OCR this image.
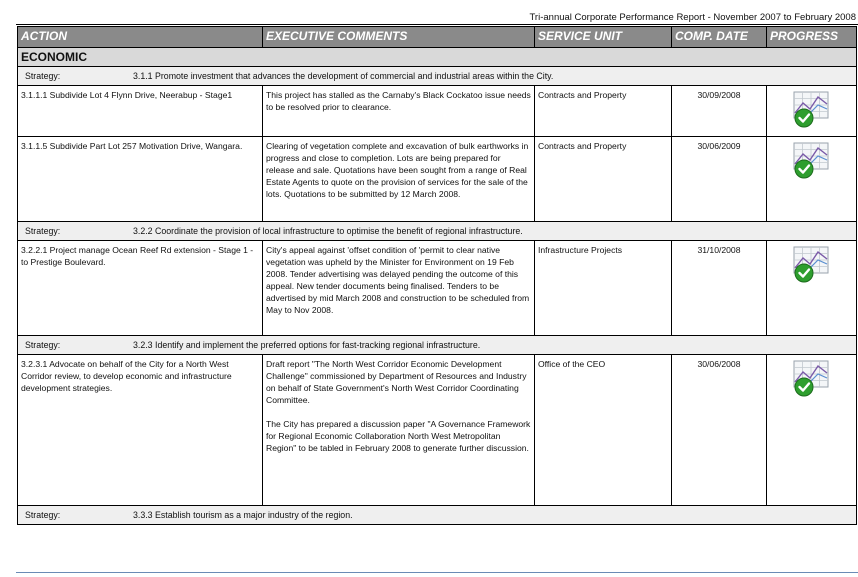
Tri-annual Corporate Performance Report - November 2007 to February 2008
ACTION	EXECUTIVE COMMENTS	SERVICE UNIT	COMP. DATE	PROGRESS
ECONOMIC				
Strategy: 3.1.1 Promote investment that advances the development of commercial and industrial areas within the City.				
3.1.1.1 Subdivide Lot 4 Flynn Drive, Neerabup - Stage1	This project has stalled as the Carnaby's Black Cockatoo issue needs to be resolved prior to clearance.	Contracts and Property	30/09/2008	
3.1.1.5 Subdivide Part Lot 257 Motivation Drive, Wangara.	Clearing of vegetation complete and excavation of bulk earthworks in progress and close to completion. Lots are being prepared for release and sale. Quotations have been sought from a range of Real Estate Agents to quote on the provision of services for the sale of the lots. Quotations to be submitted by 12 March 2008.	Contracts and Property	30/06/2009	
Strategy: 3.2.2 Coordinate the provision of local infrastructure to optimise the benefit of regional infrastructure.				
3.2.2.1 Project manage Ocean Reef Rd extension - Stage 1 - to Prestige Boulevard.	City's appeal against 'offset condition of 'permit to clear native vegetation was upheld by the Minister for Environment on 19 Feb 2008. Tender advertising was delayed pending the outcome of this appeal. New tender documents being finalised. Tenders to be advertised by mid March 2008 and construction to be scheduled from May to Nov 2008.	Infrastructure Projects	31/10/2008	
Strategy: 3.2.3 Identify and implement the preferred options for fast-tracking regional infrastructure.				
3.2.3.1 Advocate on behalf of the City for a North West Corridor review, to develop economic and infrastructure development strategies.	Draft report "The North West Corridor Economic Development Challenge" commissioned by Department of Resources and Industry on behalf of State Government's North West Corridor Coordinating Committee.
The City has prepared a discussion paper "A Governance Framework for Regional Economic Collaboration North West Metropolitan Region" to be tabled in February 2008 to generate further discussion.	Office of the CEO	30/06/2008	
Strategy: 3.3.3 Establish tourism as a major industry of the region.				
